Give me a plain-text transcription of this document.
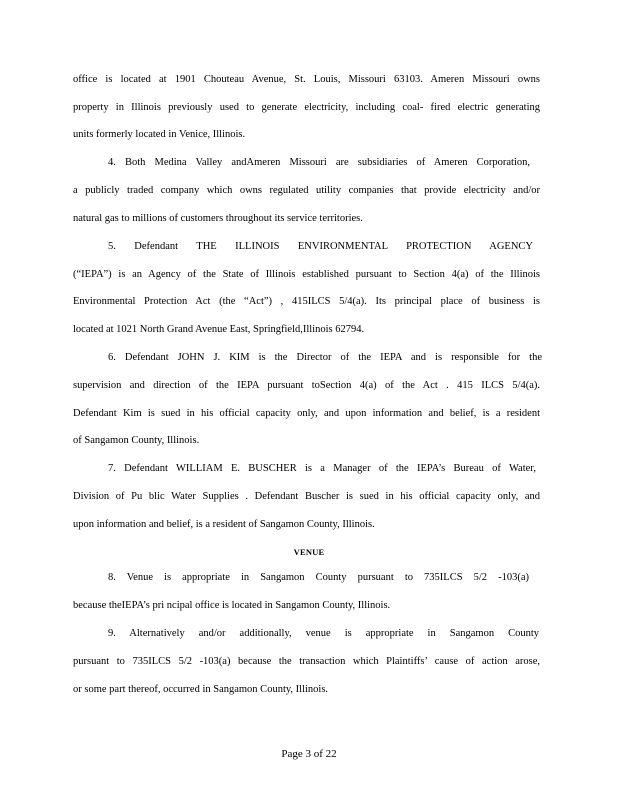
office is located at 1901 Chouteau Avenue, St. Louis, Missouri 63103. Ameren Missouri owns
property in Illinois previously used to generate electricity, including coal- fired electric generating
units formerly located in Venice, Illinois.
4. Both Medina Valley andAmeren Missouri are subsidiaries of Ameren Corporation,
a publicly traded company which owns regulated utility companies that provide electricity and/or
natural gas to millions of customers throughout its service territories.
5. Defendant THE ILLINOIS ENVIRONMENTAL PROTECTION AGENCY
(“IEPA”) is an Agency of the State of Illinois established pursuant to Section 4(a) of the Illinois
Environmental Protection Act (the “Act”) , 415ILCS 5/4(a). Its principal place of business is
located at 1021 North Grand Avenue East, Springfield,Illinois 62794.
6. Defendant JOHN J. KIM is the Director of the IEPA and is responsible for the
supervision and direction of the IEPA pursuant toSection 4(a) of the Act . 415 ILCS 5/4(a).
Defendant Kim is sued in his official capacity only, and upon information and belief, is a resident
of Sangamon County, Illinois.
7. Defendant WILLIAM E. BUSCHER is a Manager of the IEPA’s Bureau of Water,
Division of Pu blic Water Supplies . Defendant Buscher is sued in his official capacity only, and
upon information and belief, is a resident of Sangamon County, Illinois.
VENUE
8. Venue is appropriate in Sangamon County pursuant to 735ILCS 5/2 -103(a)
because theIEPA’s pri ncipal office is located in Sangamon County, Illinois.
9. Alternatively and/or additionally, venue is appropriate in Sangamon County
pursuant to 735ILCS 5/2 -103(a) because the transaction which Plaintiffs’ cause of action arose,
or some part thereof, occurred in Sangamon County, Illinois.
Page 3 of 22
